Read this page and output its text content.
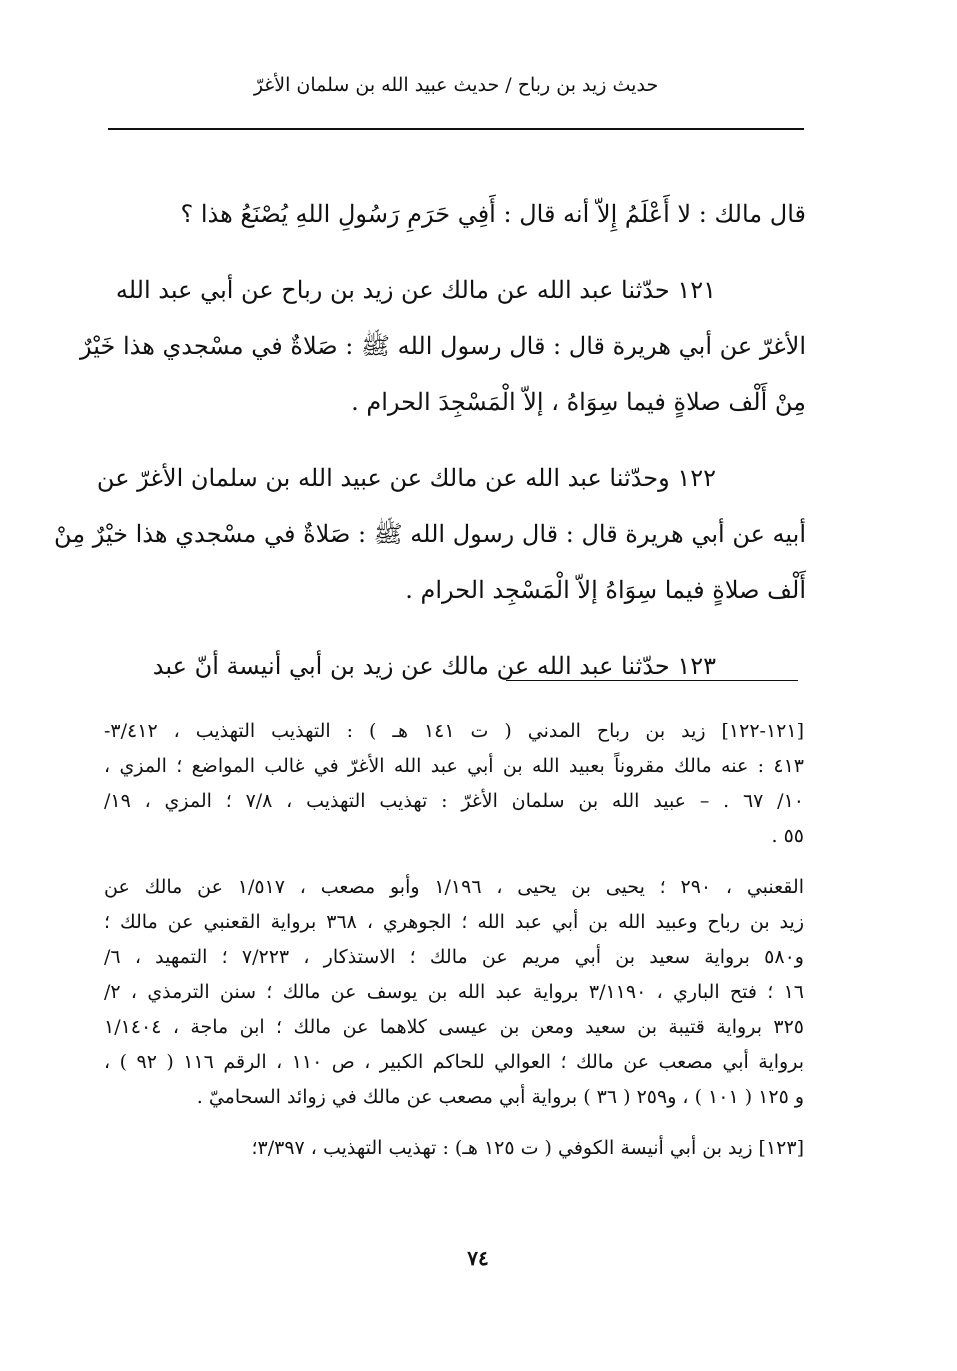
حديث زيد بن رباح / حديث عبيد الله بن سلمان الأغرّ

قال مالك : لا أَعْلَمُ إِلاّ أنه قال : أَفِي حَرَمِ رَسُولِ اللهِ يُصْنَعُ هذا ؟

١٢١ حدّثنا عبد الله عن مالك عن زيد بن رباح عن أبي عبد الله
الأغرّ عن أبي هريرة قال : قال رسول الله ﷺ : صَلاةٌ في مسْجدي هذا خَيْرٌ
مِنْ أَلْف صلاةٍ فيما سِوَاهُ ، إلاّ الْمَسْجِدَ الحرام .

١٢٢ وحدّثنا عبد الله عن مالك عن عبيد الله بن سلمان الأغرّ عن
أبيه عن أبي هريرة قال : قال رسول الله ﷺ : صَلاةٌ في مسْجدي هذا خيْرٌ مِنْ
أَلْف صلاةٍ فيما سِوَاهُ إلاّ الْمَسْجِد الحرام .

١٢٣ حدّثنا عبد الله عن مالك عن زيد بن أبي أنيسة أنّ عبد

[١٢١-١٢٢] زيد بن رباح المدني ( ت ١٤١ هـ ) : التهذيب التهذيب ، ٣/٤١٢-
٤١٣ : عنه مالك مقروناً بعبيد الله بن أبي عبد الله الأغرّ في غالب المواضع ؛ المزي ،
١٠/ ٦٧ . – عبيد الله بن سلمان الأغرّ : تهذيب التهذيب ، ٧/٨ ؛ المزي ، ١٩/
٥٥ .
القعنبي ، ٢٩٠ ؛ يحيى بن يحيى ، ١/١٩٦ وأبو مصعب ، ١/٥١٧ عن مالك عن
زيد بن رباح وعبيد الله بن أبي عبد الله ؛ الجوهري ، ٣٦٨ برواية القعنبي عن مالك ؛
و٥٨٠ برواية سعيد بن أبي مريم عن مالك ؛ الاستذكار ، ٧/٢٢٣ ؛ التمهيد ، ٦/
١٦ ؛ فتح الباري ، ٣/١١٩٠ برواية عبد الله بن يوسف عن مالك ؛ سنن الترمذي ، ٢/
٣٢٥ برواية قتيبة بن سعيد ومعن بن عيسى كلاهما عن مالك ؛ ابن ماجة ، ١/١٤٠٤
برواية أبي مصعب عن مالك ؛ العوالي للحاكم الكبير ، ص ١١٠ ، الرقم ١١٦ ( ٩٢ ) ،
و ١٢٥ ( ١٠١ ) ، و٢٥٩ ( ٣٦ ) برواية أبي مصعب عن مالك في زوائد السحاميّ .
[١٢٣] زيد بن أبي أنيسة الكوفي ( ت ١٢٥ هـ) : تهذيب التهذيب ، ٣/٣٩٧؛
٧٤
